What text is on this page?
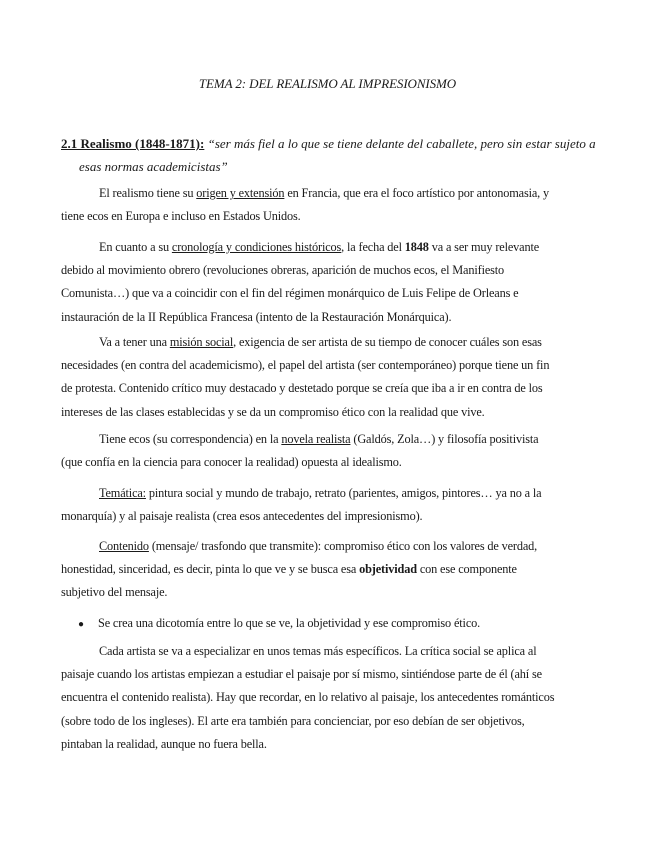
TEMA 2: DEL REALISMO AL IMPRESIONISMO
2.1 Realismo (1848-1871): “ser más fiel a lo que se tiene delante del caballete, pero sin estar sujeto a
esas normas academicistas”
El realismo tiene su origen y extensión en Francia, que era el foco artístico por antonomasia, y
tiene ecos en Europa e incluso en Estados Unidos.
En cuanto a su cronología y condiciones históricos, la fecha del 1848 va a ser muy relevante
debido al movimiento obrero (revoluciones obreras, aparición de muchos ecos, el Manifiesto
Comunista…) que va a coincidir con el fin del régimen monárquico de Luis Felipe de Orleans e
instauración de la II República Francesa (intento de la Restauración Monárquica).
Va a tener una misión social, exigencia de ser artista de su tiempo de conocer cuáles son esas
necesidades (en contra del academicismo), el papel del artista (ser contemporáneo) porque tiene un fin
de protesta. Contenido crítico muy destacado y destetado porque se creía que iba a ir en contra de los
intereses de las clases establecidas y se da un compromiso ético con la realidad que vive.
Tiene ecos (su correspondencia) en la novela realista (Galdós, Zola…) y filosofía positivista
(que confía en la ciencia para conocer la realidad) opuesta al idealismo.
Temática: pintura social y mundo de trabajo, retrato (parientes, amigos, pintores… ya no a la
monarquía) y al paisaje realista (crea esos antecedentes del impresionismo).
Contenido (mensaje/ trasfondo que transmite): compromiso ético con los valores de verdad,
honestidad, sinceridad, es decir, pinta lo que ve y se busca esa objetividad con ese componente
subjetivo del mensaje.
● Se crea una dicotomía entre lo que se ve, la objetividad y ese compromiso ético.
Cada artista se va a especializar en unos temas más específicos. La crítica social se aplica al
paisaje cuando los artistas empiezan a estudiar el paisaje por sí mismo, sintiéndose parte de él (ahí se
encuentra el contenido realista). Hay que recordar, en lo relativo al paisaje, los antecedentes románticos
(sobre todo de los ingleses). El arte era también para concienciar, por eso debían de ser objetivos,
pintaban la realidad, aunque no fuera bella.
